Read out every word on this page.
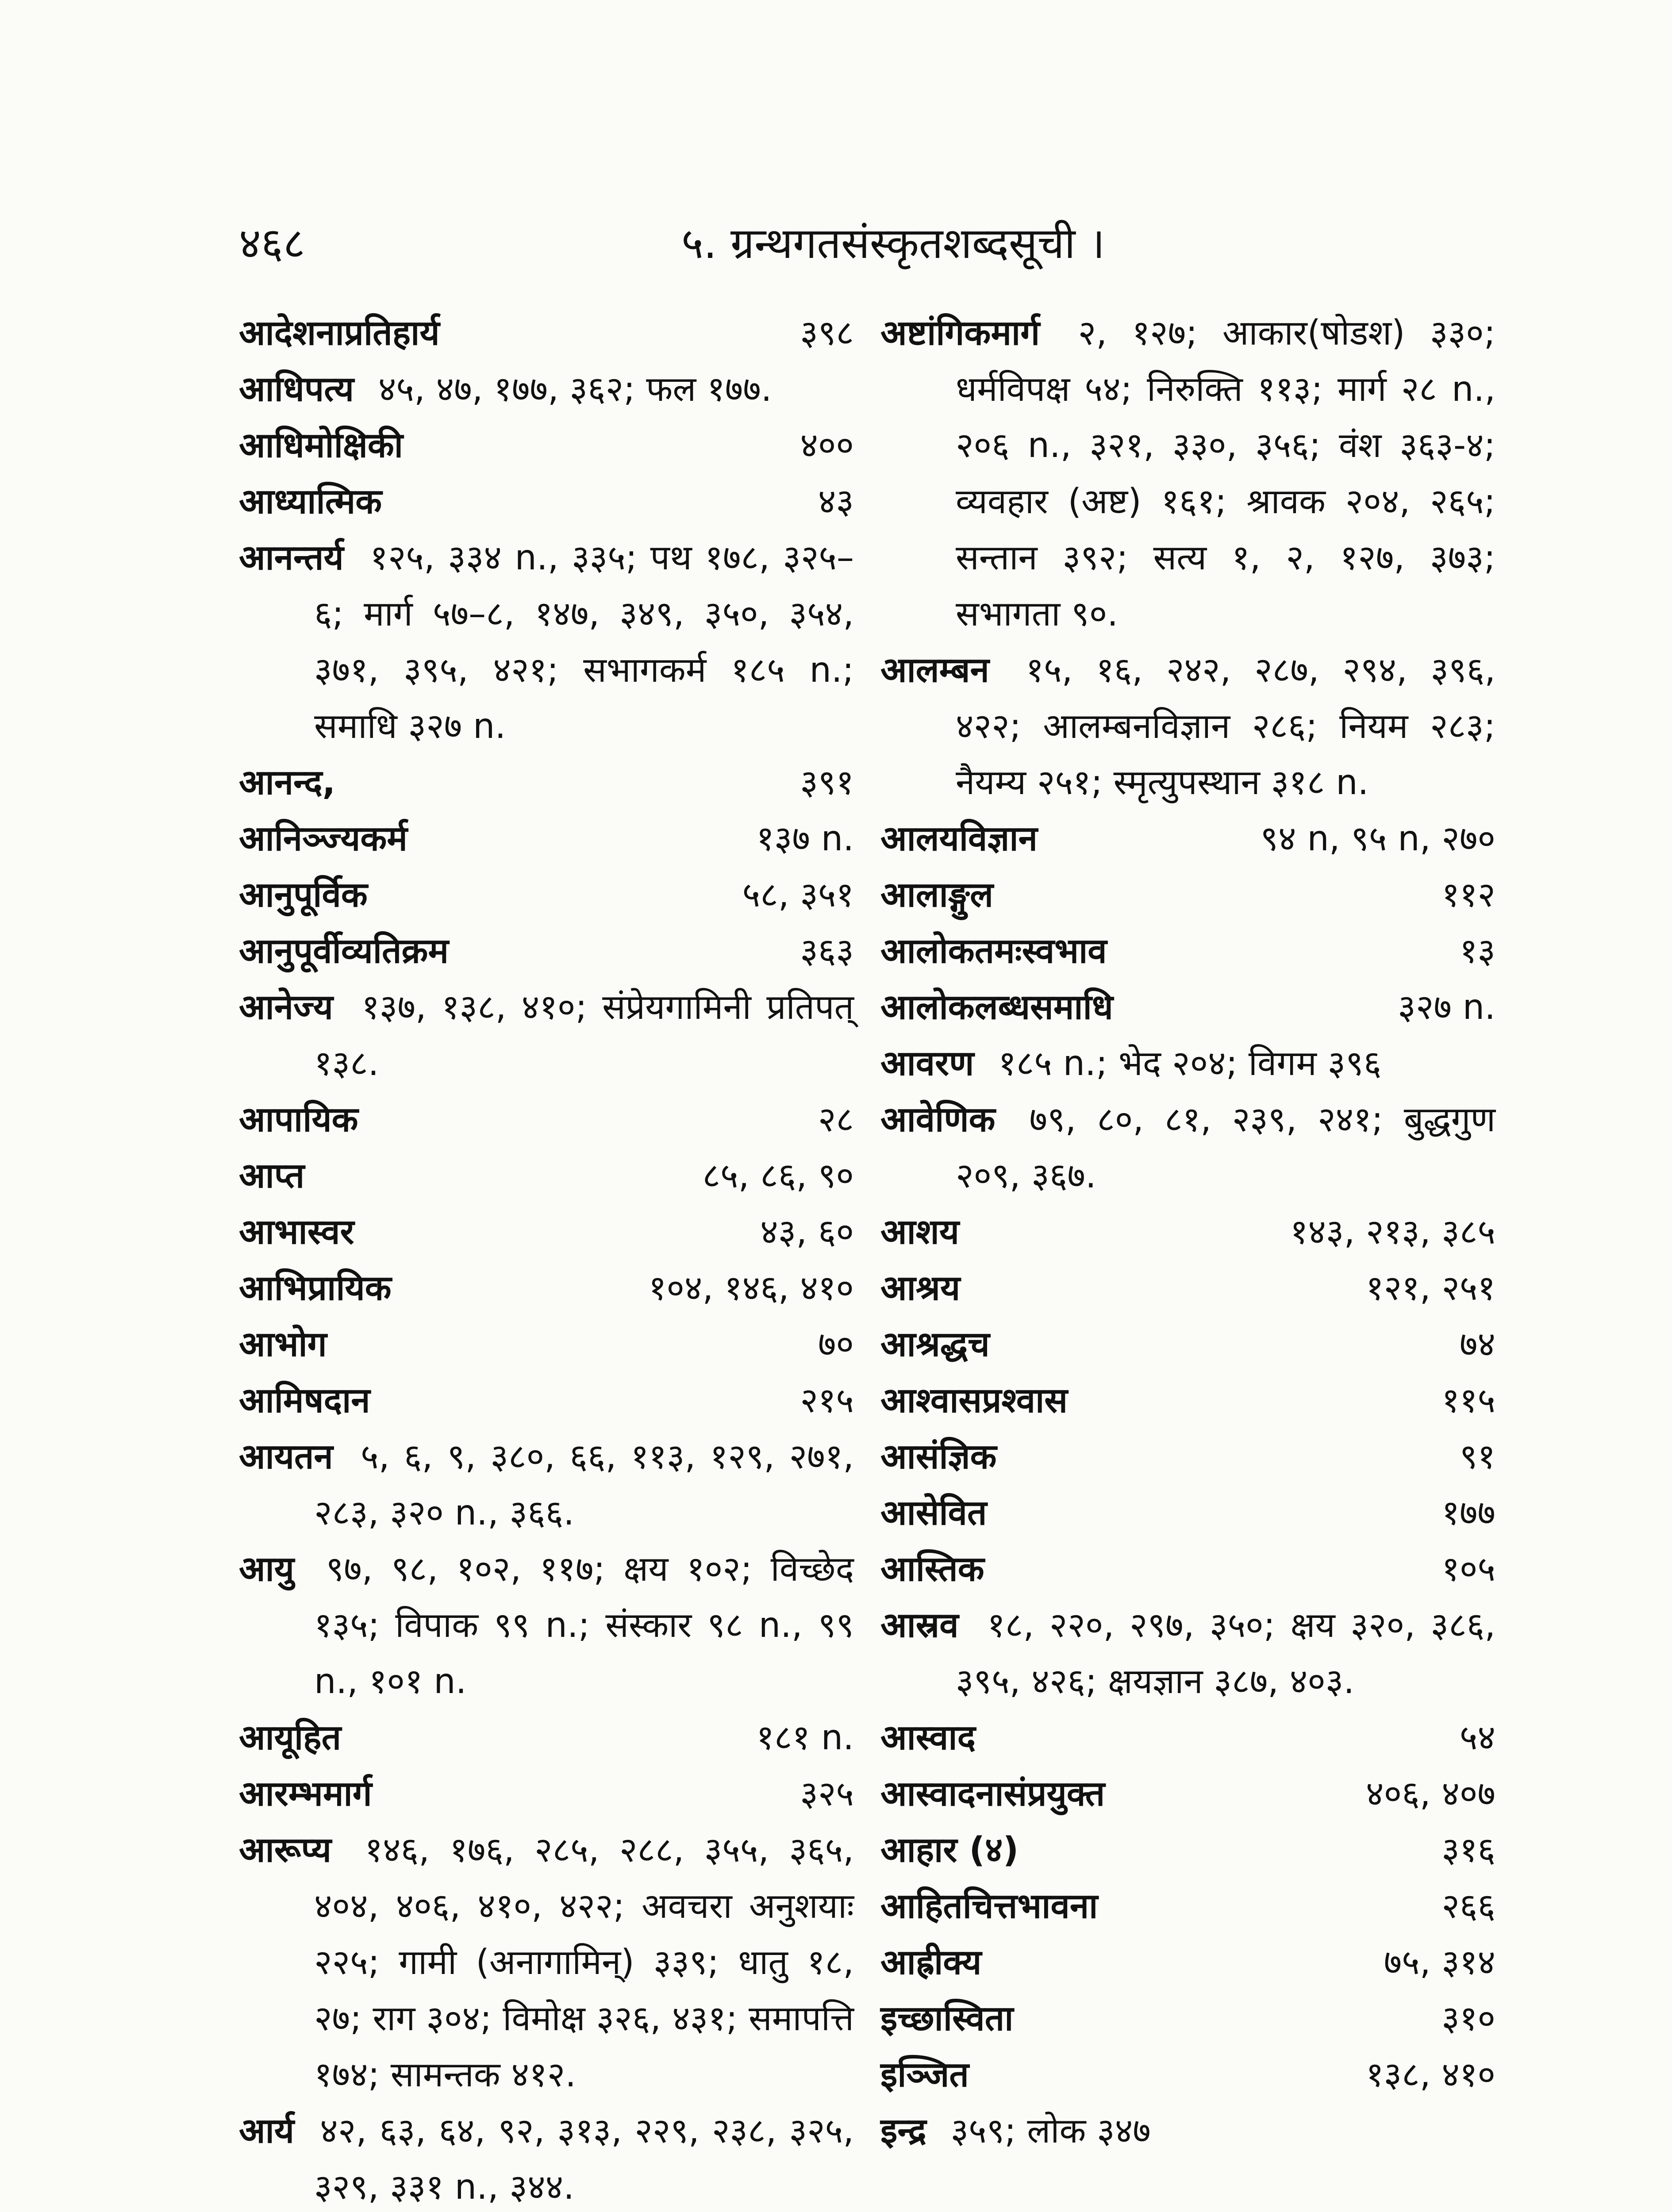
४६८	५. ग्रन्थगतसंस्कृतशब्दसूची ।
आदेशनाप्रतिहार्य	३९८
आधिपत्य ४५, ४७, १७७, ३६२; फल १७७.
आधिमोक्षिकी	४००
आध्यात्मिक	४३
आनन्तर्य १२५, ३३४ n., ३३५; पथ १७८, ३२५–६; मार्ग ५७–८, १४७, ३४९, ३५०, ३५४, ३७१, ३९५, ४२१; सभागकर्म १८५ n.; समाधि ३२७ n.
आनन्द,	३९१
आनिञ्ज्यकर्म	१३७ n.
आनुपूर्विक	५८, ३५१
आनुपूर्वीव्यतिक्रम	३६३
आनेज्य १३७, १३८, ४१०; संप्रेयगामिनी प्रतिपत् १३८.
आपायिक	२८
आप्त	८५, ८६, ९०
आभास्वर	४३, ६०
आभिप्रायिक	१०४, १४६, ४१०
आभोग	७०
आमिषदान	२१५
आयतन ५, ६, ९, ३८०, ६६, ११३, १२९, २७१, २८३, ३२० n., ३६६.
आयु ९७, ९८, १०२, ११७; क्षय १०२; विच्छेद १३५; विपाक ९९ n.; संस्कार ९८ n., ९९ n., १०१ n.
आयूहित	१८१ n.
आरम्भमार्ग	३२५
आरूप्य १४६, १७६, २८५, २८८, ३५५, ३६५, ४०४, ४०६, ४१०, ४२२; अवचरा अनुशयाः २२५; गामी (अनागामिन्) ३३९; धातु १८, २७; राग ३०४; विमोक्ष ३२६, ४३१; समापत्ति १७४; सामन्तक ४१२.
आर्य ४२, ६३, ६४, ९२, ३१३, २२९, २३८, ३२५, ३२९, ३३१ n., ३४४.
अष्टांगिकमार्ग २, १२७; आकार(षोडश) ३३०; धर्मविपक्ष ५४; निरुक्ति ११३; मार्ग २८ n., २०६ n., ३२१, ३३०, ३५६; वंश ३६३-४; व्यवहार (अष्ट) १६१; श्रावक २०४, २६५; सन्तान ३९२; सत्य १, २, १२७, ३७३; सभागता ९०.
आलम्बन १५, १६, २४२, २८७, २९४, ३९६, ४२२; आलम्बनविज्ञान २८६; नियम २८३; नैयम्य २५१; स्मृत्युपस्थान ३१८ n.
आलयविज्ञान	९४ n, ९५ n, २७०
आलाङ्गुल	११२
आलोकतमःस्वभाव	१३
आलोकलब्धसमाधि	३२७ n.
आवरण १८५ n.; भेद २०४; विगम ३९६
आवेणिक ७९, ८०, ८१, २३९, २४१; बुद्धगुण २०९, ३६७.
आशय	१४३, २१३, ३८५
आश्रय	१२१, २५१
आश्रद्धच	७४
आश्वासप्रश्वास	११५
आसंज्ञिक	९१
आसेवित	१७७
आस्तिक	१०५
आस्रव १८, २२०, २९७, ३५०; क्षय ३२०, ३८६, ३९५, ४२६; क्षयज्ञान ३८७, ४०३.
आस्वाद	५४
आस्वादनासंप्रयुक्त	४०६, ४०७
आहार (४)	३१६
आहितचित्तभावना	२६६
आह्रीक्य	७५, ३१४
इच्छास्विता	३१०
इञ्जित	१३८, ४१०
इन्द्र ३५९; लोक ३४७
